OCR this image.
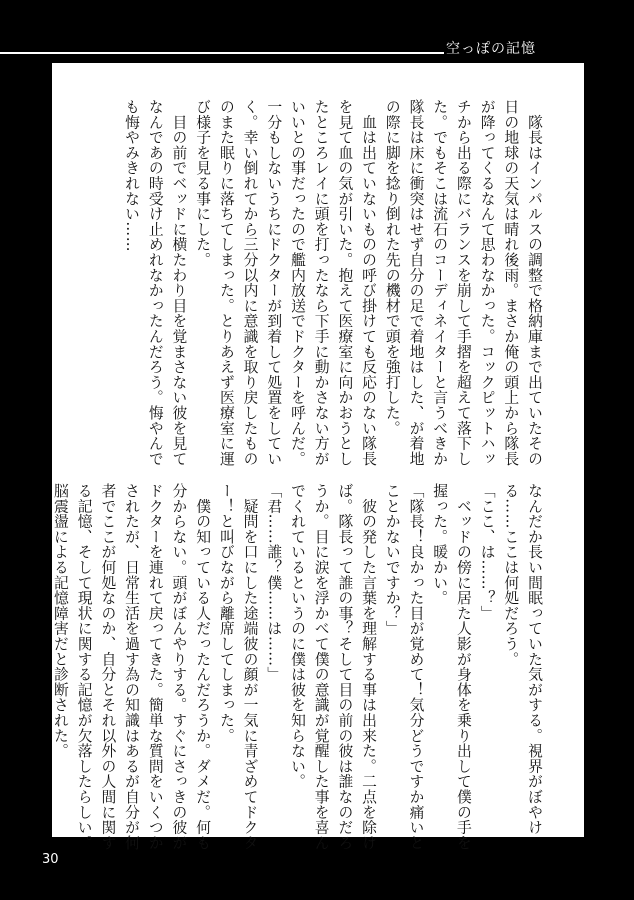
空っぽの記憶

　隊長はインパルスの調整で格納庫まで出ていたその

日の地球の天気は晴れ後雨。まさか俺の頭上から隊長

が降ってくるなんて思わなかった。コックピットハッ

チから出る際にバランスを崩して手摺を超えて落下し

た。でもそこは流石のコーディネイターと言うべきか

隊長は床に衝突はせず自分の足で着地はした、が着地

の際に脚を捻り倒れた先の機材で頭を強打した。

　血は出ていないものの呼び掛けても反応のない隊長

を見て血の気が引いた。抱えて医療室に向かおうとし

たところレイに頭を打ったなら下手に動かさない方が

いいとの事だったので艦内放送でドクターを呼んだ。

一分もしないうちにドクターが到着して処置をしてい

く。幸い倒れてから三分以内に意識を取り戻したもの

のまた眠りに落ちてしまった。とりあえず医療室に運

び様子を見る事にした。

　目の前でベッドに横たわり目を覚まさない彼を見て

なんであの時受け止めれなかったんだろう。悔やんで

も悔やみきれない……

なんだか長い間眠っていた気がする。視界がぼやけ

る……ここは何処だろう。

「ここ、は……？」

　ベッドの傍に居た人影が身体を乗り出して僕の手を

握った。暖かい。

「隊長！良かった目が覚めて！気分どうですか痛いと

ことかないですか？」

　彼の発した言葉を理解する事は出来た。二点を除け

ば。隊長って誰の事？そして目の前の彼は誰なのだろ

うか。目に涙を浮かべて僕の意識が覚醒した事を喜ん

でくれているというのに僕は彼を知らない。

「君……誰？僕……は……」

　疑問を口にした途端彼の顔が一気に青ざめてドクタ

ー！と叫びながら離席してしまった。

　僕の知っている人だったんだろうか。ダメだ。何も

分からない。頭がぼんやりする。すぐにさっきの彼が

ドクターを連れて戻ってきた。簡単な質問をいくつか

されたが、日常生活を過す為の知識はあるが自分が何

者でここが何処なのか、自分とそれ以外の人間に関す

る記憶、そして現状に関する記憶が欠落したらしい。

脳震盪による記憶障害だと診断された。

30
